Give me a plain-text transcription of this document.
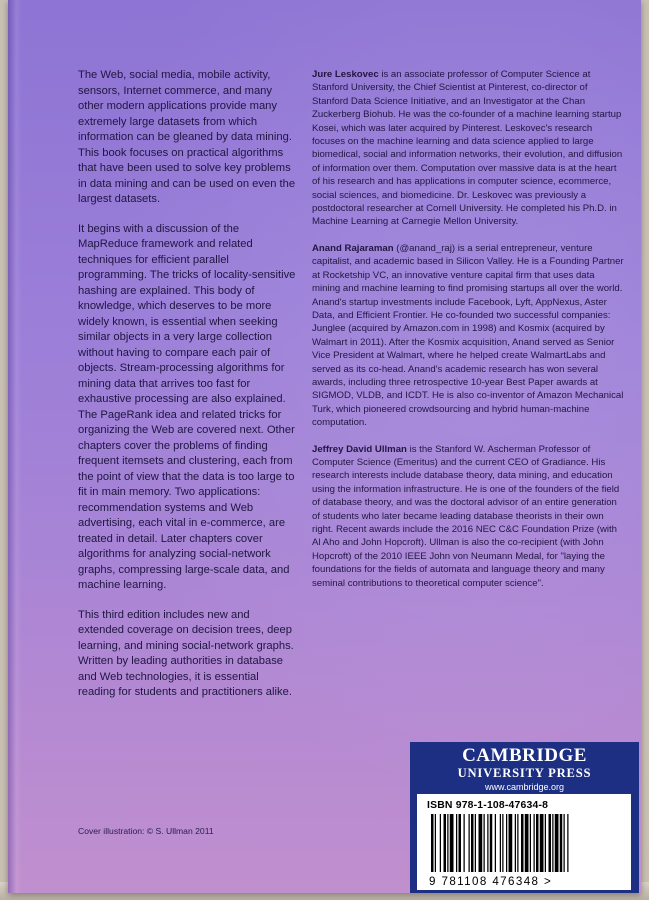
The Web, social media, mobile activity, sensors, Internet commerce, and many other modern applications provide many extremely large datasets from which information can be gleaned by data mining. This book focuses on practical algorithms that have been used to solve key problems in data mining and can be used on even the largest datasets.

It begins with a discussion of the MapReduce framework and related techniques for efficient parallel programming. The tricks of locality-sensitive hashing are explained. This body of knowledge, which deserves to be more widely known, is essential when seeking similar objects in a very large collection without having to compare each pair of objects. Stream-processing algorithms for mining data that arrives too fast for exhaustive processing are also explained. The PageRank idea and related tricks for organizing the Web are covered next. Other chapters cover the problems of finding frequent itemsets and clustering, each from the point of view that the data is too large to fit in main memory. Two applications: recommendation systems and Web advertising, each vital in e-commerce, are treated in detail. Later chapters cover algorithms for analyzing social-network graphs, compressing large-scale data, and machine learning.

This third edition includes new and extended coverage on decision trees, deep learning, and mining social-network graphs. Written by leading authorities in database and Web technologies, it is essential reading for students and practitioners alike.

Jure Leskovec is an associate professor of Computer Science at Stanford University, the Chief Scientist at Pinterest, co-director of Stanford Data Science Initiative, and an Investigator at the Chan Zuckerberg Biohub. He was the co-founder of a machine learning startup Kosei, which was later acquired by Pinterest. Leskovec's research focuses on the machine learning and data science applied to large biomedical, social and information networks, their evolution, and diffusion of information over them. Computation over massive data is at the heart of his research and has applications in computer science, ecommerce, social sciences, and biomedicine. Dr. Leskovec was previously a postdoctoral researcher at Cornell University. He completed his Ph.D. in Machine Learning at Carnegie Mellon University.

Anand Rajaraman (@anand_raj) is a serial entrepreneur, venture capitalist, and academic based in Silicon Valley. He is a Founding Partner at Rocketship VC, an innovative venture capital firm that uses data mining and machine learning to find promising startups all over the world. Anand's startup investments include Facebook, Lyft, AppNexus, Aster Data, and Efficient Frontier. He co-founded two successful companies: Junglee (acquired by Amazon.com in 1998) and Kosmix (acquired by Walmart in 2011). After the Kosmix acquisition, Anand served as Senior Vice President at Walmart, where he helped create WalmartLabs and served as its co-head. Anand's academic research has won several awards, including three retrospective 10-year Best Paper awards at SIGMOD, VLDB, and ICDT. He is also co-inventor of Amazon Mechanical Turk, which pioneered crowdsourcing and hybrid human-machine computation.

Jeffrey David Ullman is the Stanford W. Ascherman Professor of Computer Science (Emeritus) and the current CEO of Gradiance. His research interests include database theory, data mining, and education using the information infrastructure. He is one of the founders of the field of database theory, and was the doctoral advisor of an entire generation of students who later became leading database theorists in their own right. Recent awards include the 2016 NEC C&C Foundation Prize (with Al Aho and John Hopcroft). Ullman is also the co-recipient (with John Hopcroft) of the 2010 IEEE John von Neumann Medal, for "laying the foundations for the fields of automata and language theory and many seminal contributions to theoretical computer science".

Cover illustration: © S. Ullman 2011
CAMBRIDGE
UNIVERSITY PRESS
www.cambridge.org
ISBN 978-1-108-47634-8
9 781108 476348 >
